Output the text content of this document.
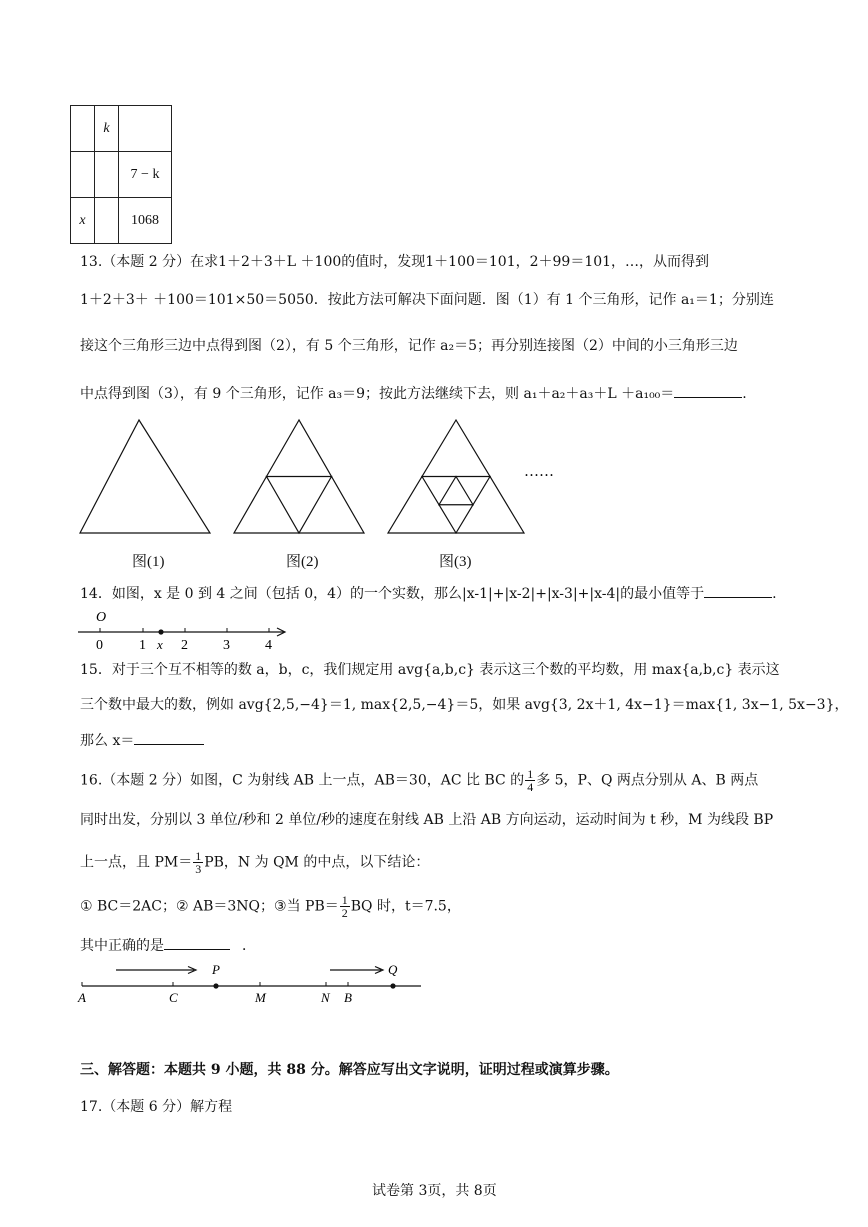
	k	
		7 − k
x		1068
13.（本题 2 分）在求1＋2＋3＋L ＋100的值时，发现1＋100＝101，2＋99＝101，…，从而得到
1＋2＋3＋ ＋100＝101×50＝5050．按此方法可解决下面问题．图（1）有 1 个三角形，记作 a₁＝1；分别连
接这个三角形三边中点得到图（2），有 5 个三角形，记作 a₂＝5；再分别连接图（2）中间的小三角形三边
中点得到图（3），有 9 个三角形，记作 a₃＝9；按此方法继续下去，则 a₁＋a₂＋a₃＋L ＋a₁₀₀＝	.
……
图(1)	图(2)	图(3)
14．如图，x 是 0 到 4 之间（包括 0，4）的一个实数，那么|x-1|+|x-2|+|x-3|+|x-4|的最小值等于	.
O
0	1 x 2	3	4
15．对于三个互不相等的数 a，b，c，我们规定用 avg{a,b,c} 表示这三个数的平均数，用 max{a,b,c} 表示这
三个数中最大的数，例如 avg{2,5,−4}＝1, max{2,5,−4}＝5，如果 avg{3, 2x＋1, 4x−1}＝max{1, 3x−1, 5x−3}，
那么 x＝
16.（本题 2 分）如图，C 为射线 AB 上一点，AB＝30，AC 比 BC 的 $\frac{1}{4}$ 多 5，P、Q 两点分别从 A、B 两点
同时出发，分别以 3 单位/秒和 2 单位/秒的速度在射线 AB 上沿 AB 方向运动，运动时间为 t 秒，M 为线段 BP
上一点，且 $PM= \frac{1}{3}$ PB，N 为 QM 的中点，以下结论：
① BC＝2AC；② AB＝3NQ；③当 $PB= \frac{1}{2}$ BQ 时，t＝7.5，
其中正确的是	．
A	C
P
M	N B
Q
三、解答题：本题共 9 小题，共 88 分。解答应写出文字说明，证明过程或演算步骤。
17.（本题 6 分）解方程
试卷第 3页，共 8页
